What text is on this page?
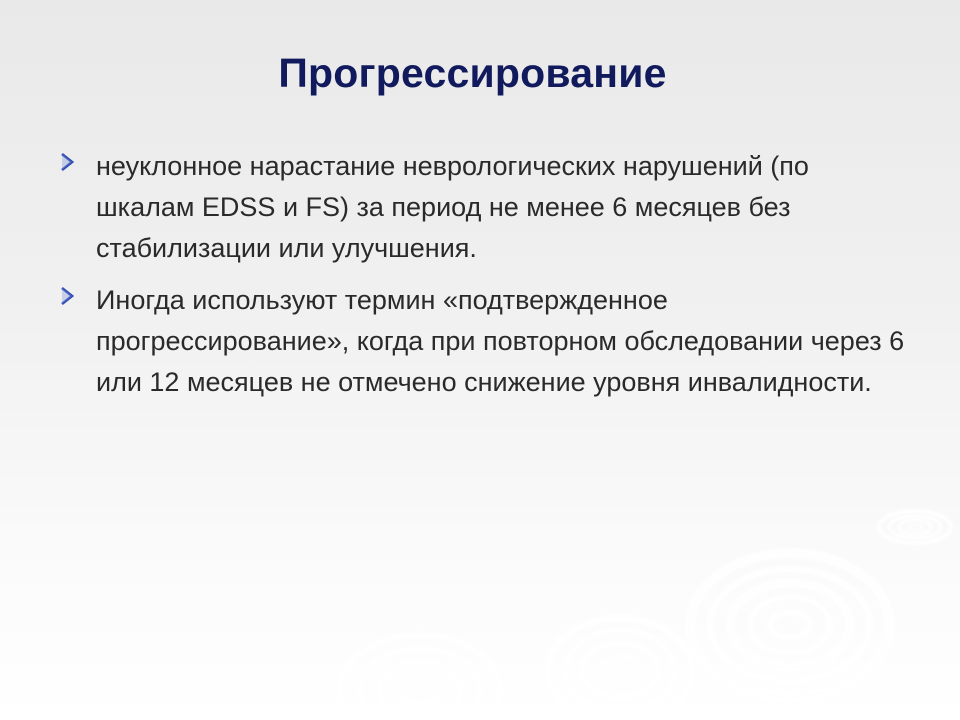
Прогрессирование
неуклонное нарастание неврологических нарушений (по шкалам EDSS и FS) за период не менее 6 месяцев без стабилизации или улучшения.
Иногда используют термин «подтвержденное прогрессирование», когда при повторном обследовании через 6 или 12 месяцев не отмечено снижение уровня инвалидности.
